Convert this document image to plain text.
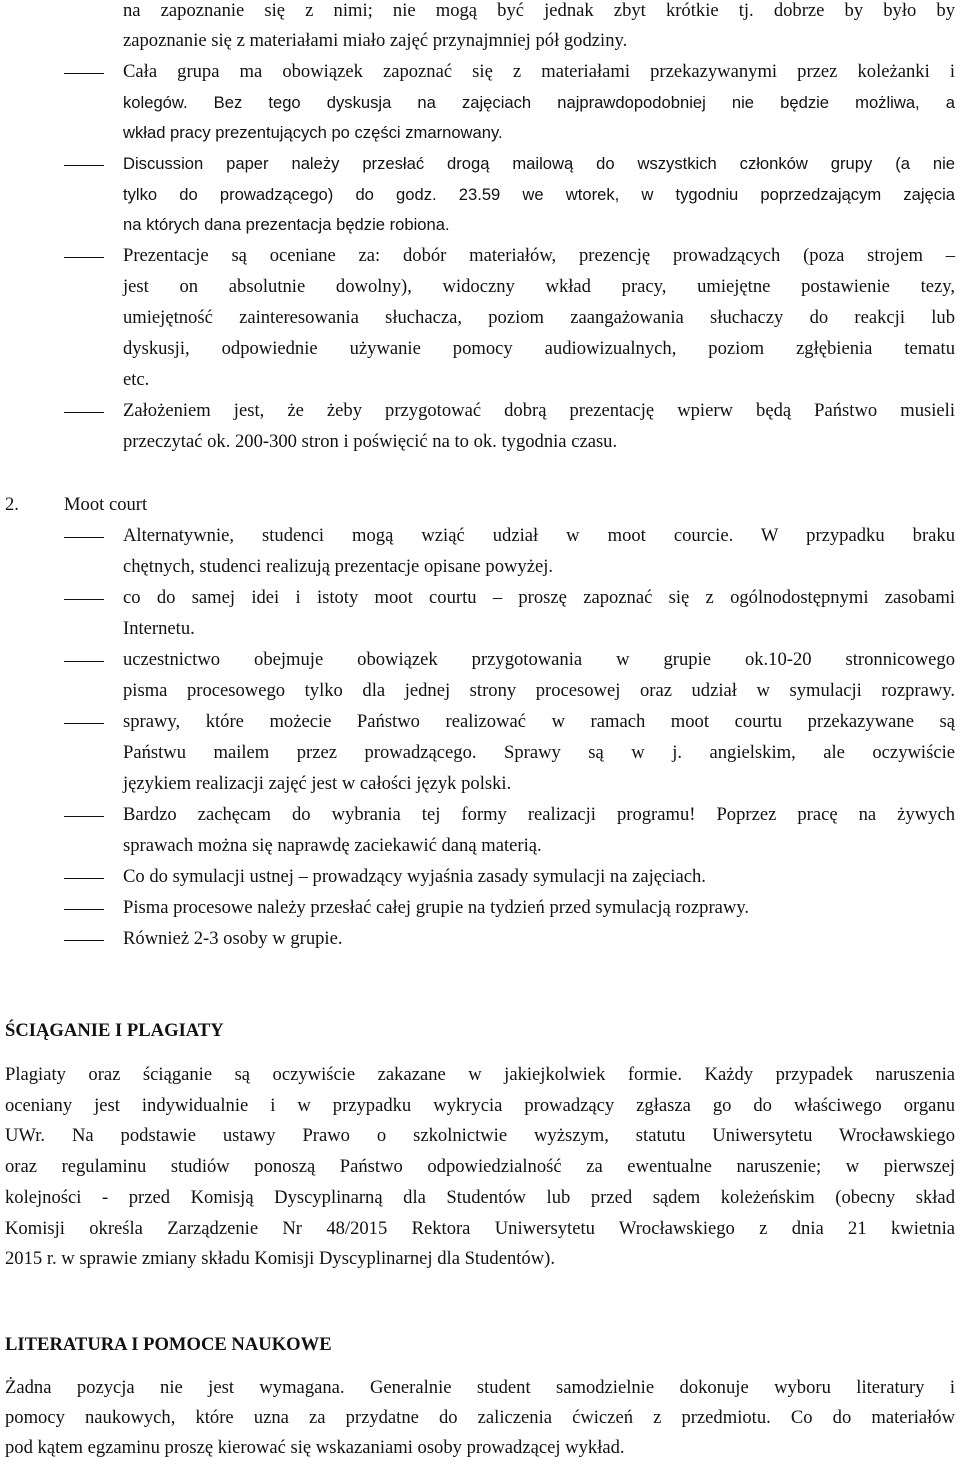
na zapoznanie się z nimi; nie mogą być jednak zbyt krótkie tj. dobrze by było by
zapoznanie się z materiałami miało zajęć przynajmniej pół godziny.
Cała grupa ma obowiązek zapoznać się z materiałami przekazywanymi przez koleżanki i
kolegów. Bez tego dyskusja na zajęciach najprawdopodobniej nie będzie możliwa, a
wkład pracy prezentujących po części zmarnowany.
Discussion paper należy przesłać drogą mailową do wszystkich członków grupy (a nie
tylko do prowadzącego) do godz. 23.59 we wtorek, w tygodniu poprzedzającym zajęcia
na których dana prezentacja będzie robiona.
Prezentacje są oceniane za: dobór materiałów, prezencję prowadzących (poza strojem –
jest on absolutnie dowolny), widoczny wkład pracy, umiejętne postawienie tezy,
umiejętność zainteresowania słuchacza, poziom zaangażowania słuchaczy do reakcji lub
dyskusji, odpowiednie używanie pomocy audiowizualnych, poziom zgłębienia tematu
etc.
Założeniem jest, że żeby przygotować dobrą prezentację wpierw będą Państwo musieli
przeczytać ok. 200-300 stron i poświęcić na to ok. tygodnia czasu.
2. Moot court
Alternatywnie, studenci mogą wziąć udział w moot courcie. W przypadku braku
chętnych, studenci realizują prezentacje opisane powyżej.
co do samej idei i istoty moot courtu – proszę zapoznać się z ogólnodostępnymi zasobami
Internetu.
uczestnictwo obejmuje obowiązek przygotowania w grupie ok.10-20 stronnicowego
pisma procesowego tylko dla jednej strony procesowej oraz udział w symulacji rozprawy.
sprawy, które możecie Państwo realizować w ramach moot courtu przekazywane są
Państwu mailem przez prowadzącego. Sprawy są w j. angielskim, ale oczywiście
językiem realizacji zajęć jest w całości język polski.
Bardzo zachęcam do wybrania tej formy realizacji programu! Poprzez pracę na żywych
sprawach można się naprawdę zaciekawić daną materią.
Co do symulacji ustnej – prowadzący wyjaśnia zasady symulacji na zajęciach.
Pisma procesowe należy przesłać całej grupie na tydzień przed symulacją rozprawy.
Również 2-3 osoby w grupie.
ŚCIĄGANIE I PLAGIATY
Plagiaty oraz ściąganie są oczywiście zakazane w jakiejkolwiek formie. Każdy przypadek naruszenia
oceniany jest indywidualnie i w przypadku wykrycia prowadzący zgłasza go do właściwego organu
UWr. Na podstawie ustawy Prawo o szkolnictwie wyższym, statutu Uniwersytetu Wrocławskiego
oraz regulaminu studiów ponoszą Państwo odpowiedzialność za ewentualne naruszenie; w pierwszej
kolejności - przed Komisją Dyscyplinarną dla Studentów lub przed sądem koleżeńskim (obecny skład
Komisji określa Zarządzenie Nr 48/2015 Rektora Uniwersytetu Wrocławskiego z dnia 21 kwietnia
2015 r. w sprawie zmiany składu Komisji Dyscyplinarnej dla Studentów).
LITERATURA I POMOCE NAUKOWE
Żadna pozycja nie jest wymagana. Generalnie student samodzielnie dokonuje wyboru literatury i
pomocy naukowych, które uzna za przydatne do zaliczenia ćwiczeń z przedmiotu. Co do materiałów
pod kątem egzaminu proszę kierować się wskazaniami osoby prowadzącej wykład.
